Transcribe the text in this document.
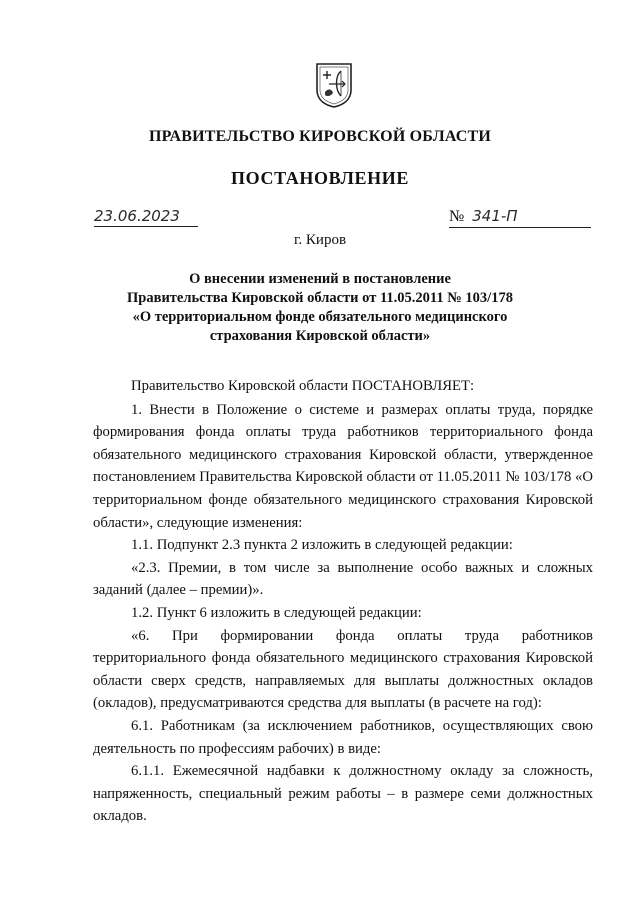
ПРАВИТЕЛЬСТВО КИРОВСКОЙ ОБЛАСТИ
ПОСТАНОВЛЕНИЕ
23.06.2023	№ 341-П
г. Киров
О внесении изменений в постановление
Правительства Кировской области от 11.05.2011 № 103/178
«О территориальном фонде обязательного медицинского
страхования Кировской области»

Правительство Кировской области ПОСТАНОВЛЯЕТ:

1. Внести в Положение о системе и размерах оплаты труда, порядке формирования фонда оплаты труда работников территориального фонда обязательного медицинского страхования Кировской области, утвержденное постановлением Правительства Кировской области от 11.05.2011 № 103/178 «О территориальном фонде обязательного медицинского страхования Кировской области», следующие изменения:

1.1. Подпункт 2.3 пункта 2 изложить в следующей редакции:

«2.3. Премии, в том числе за выполнение особо важных и сложных заданий (далее – премии)».

1.2. Пункт 6 изложить в следующей редакции:

«6. При формировании фонда оплаты труда работников территориального фонда обязательного медицинского страхования Кировской области сверх средств, направляемых для выплаты должностных окладов (окладов), предусматриваются средства для выплаты (в расчете на год):

6.1. Работникам (за исключением работников, осуществляющих свою деятельность по профессиям рабочих) в виде:

6.1.1. Ежемесячной надбавки к должностному окладу за сложность, напряженность, специальный режим работы – в размере семи должностных окладов.
